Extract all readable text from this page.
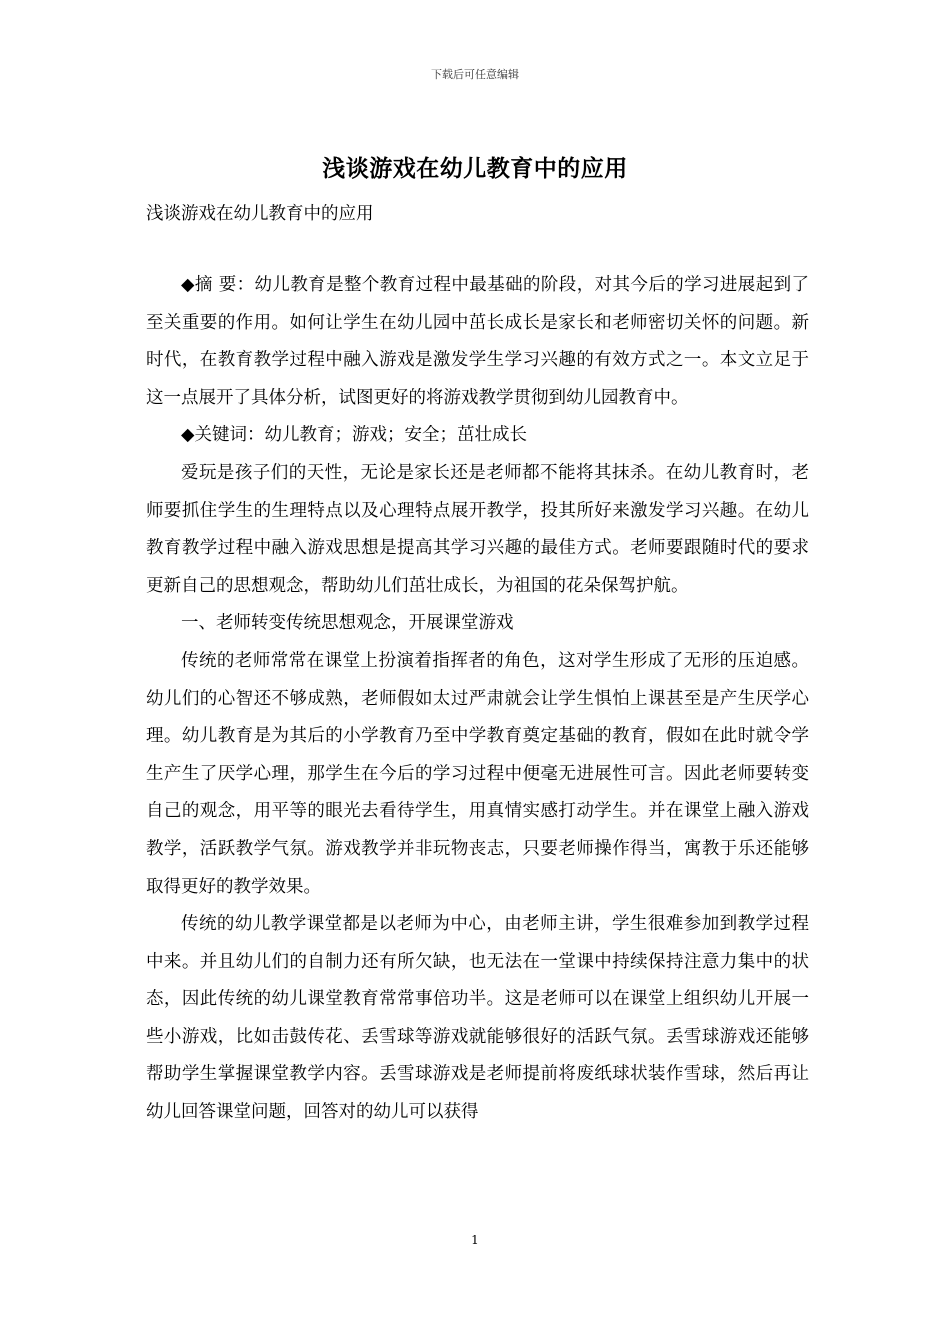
下载后可任意编辑
浅谈游戏在幼儿教育中的应用
浅谈游戏在幼儿教育中的应用

◆摘 要：幼儿教育是整个教育过程中最基础的阶段，对其今后的学习进展起到了至关重要的作用。如何让学生在幼儿园中茁长成长是家长和老师密切关怀的问题。新时代，在教育教学过程中融入游戏是激发学生学习兴趣的有效方式之一。本文立足于这一点展开了具体分析，试图更好的将游戏教学贯彻到幼儿园教育中。

◆关键词：幼儿教育；游戏；安全；茁壮成长

爱玩是孩子们的天性，无论是家长还是老师都不能将其抹杀。在幼儿教育时，老师要抓住学生的生理特点以及心理特点展开教学，投其所好来激发学习兴趣。在幼儿教育教学过程中融入游戏思想是提高其学习兴趣的最佳方式。老师要跟随时代的要求更新自己的思想观念，帮助幼儿们茁壮成长，为祖国的花朵保驾护航。

一、老师转变传统思想观念，开展课堂游戏

传统的老师常常在课堂上扮演着指挥者的角色，这对学生形成了无形的压迫感。幼儿们的心智还不够成熟，老师假如太过严肃就会让学生惧怕上课甚至是产生厌学心理。幼儿教育是为其后的小学教育乃至中学教育奠定基础的教育，假如在此时就令学生产生了厌学心理，那学生在今后的学习过程中便毫无进展性可言。因此老师要转变自己的观念，用平等的眼光去看待学生，用真情实感打动学生。并在课堂上融入游戏教学，活跃教学气氛。游戏教学并非玩物丧志，只要老师操作得当，寓教于乐还能够取得更好的教学效果。

传统的幼儿教学课堂都是以老师为中心，由老师主讲，学生很难参加到教学过程中来。并且幼儿们的自制力还有所欠缺，也无法在一堂课中持续保持注意力集中的状态，因此传统的幼儿课堂教育常常事倍功半。这是老师可以在课堂上组织幼儿开展一些小游戏，比如击鼓传花、丢雪球等游戏就能够很好的活跃气氛。丢雪球游戏还能够帮助学生掌握课堂教学内容。丢雪球游戏是老师提前将废纸球状装作雪球，然后再让幼儿回答课堂问题，回答对的幼儿可以获得

1
